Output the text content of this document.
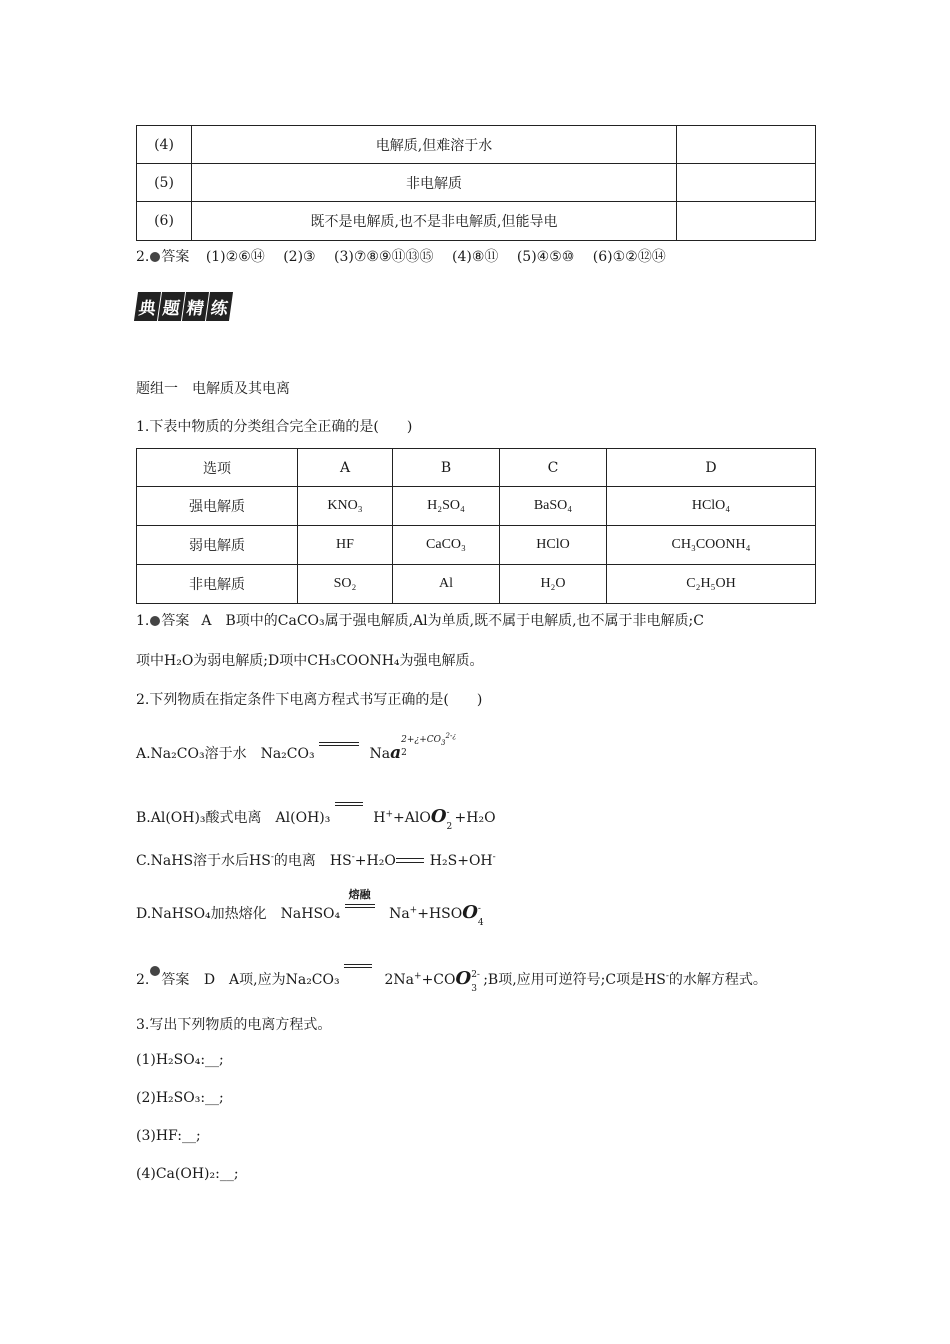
(4)	电解质,但难溶于水	
(5)	非电解质	
(6)	既不是电解质,也不是非电解质,但能导电	
2. 答案 (1)②⑥⑭ (2)③ (3)⑦⑧⑨⑪⑬⑮ (4)⑧⑪ (5)④⑤⑩ (6)①②⑫⑭
典 题 精 练
题组一　电解质及其电离
1.下表中物质的分类组合完全正确的是(　　)
选项	A	B	C	D
强电解质	KNO₃	H₂SO₄	BaSO₄	HClO₄
弱电解质	HF	CaCO₃	HClO	CH₃COONH₄
非电解质	SO₂	Al	H₂O	C₂H₅OH
1. 答案 A　B项中的CaCO₃属于强电解质,Al为单质,既不属于电解质,也不属于非电解质;C
项中H₂O为弱电解质;D项中CH₃COONH₄为强电解质。
2.下列物质在指定条件下电离方程式书写正确的是(　　)
A.Na₂CO₃溶于水　Na₂CO₃	Naa
$2+¿+CO_3^{2-¿}$
2
B.Al(OH)₃酸式电离　Al(OH)₃	H++AlOO -
2
+H₂O
C.NaHS溶于水后HS-的电离　HS-+H₂O H₂S+OH-
D.NaHSO₄加热熔化　NaHSO₄
熔融
Na++HSOO -
4
2. 答案 D　A项,应为Na₂CO₃	2Na++COO 2-
3
;B项,应用可逆符号;C项是HS-的水解方程式。
3.写出下列物质的电离方程式。
(1)H₂SO₄:__;
(2)H₂SO₃:__;
(3)HF:__;
(4)Ca(OH)₂:__;
